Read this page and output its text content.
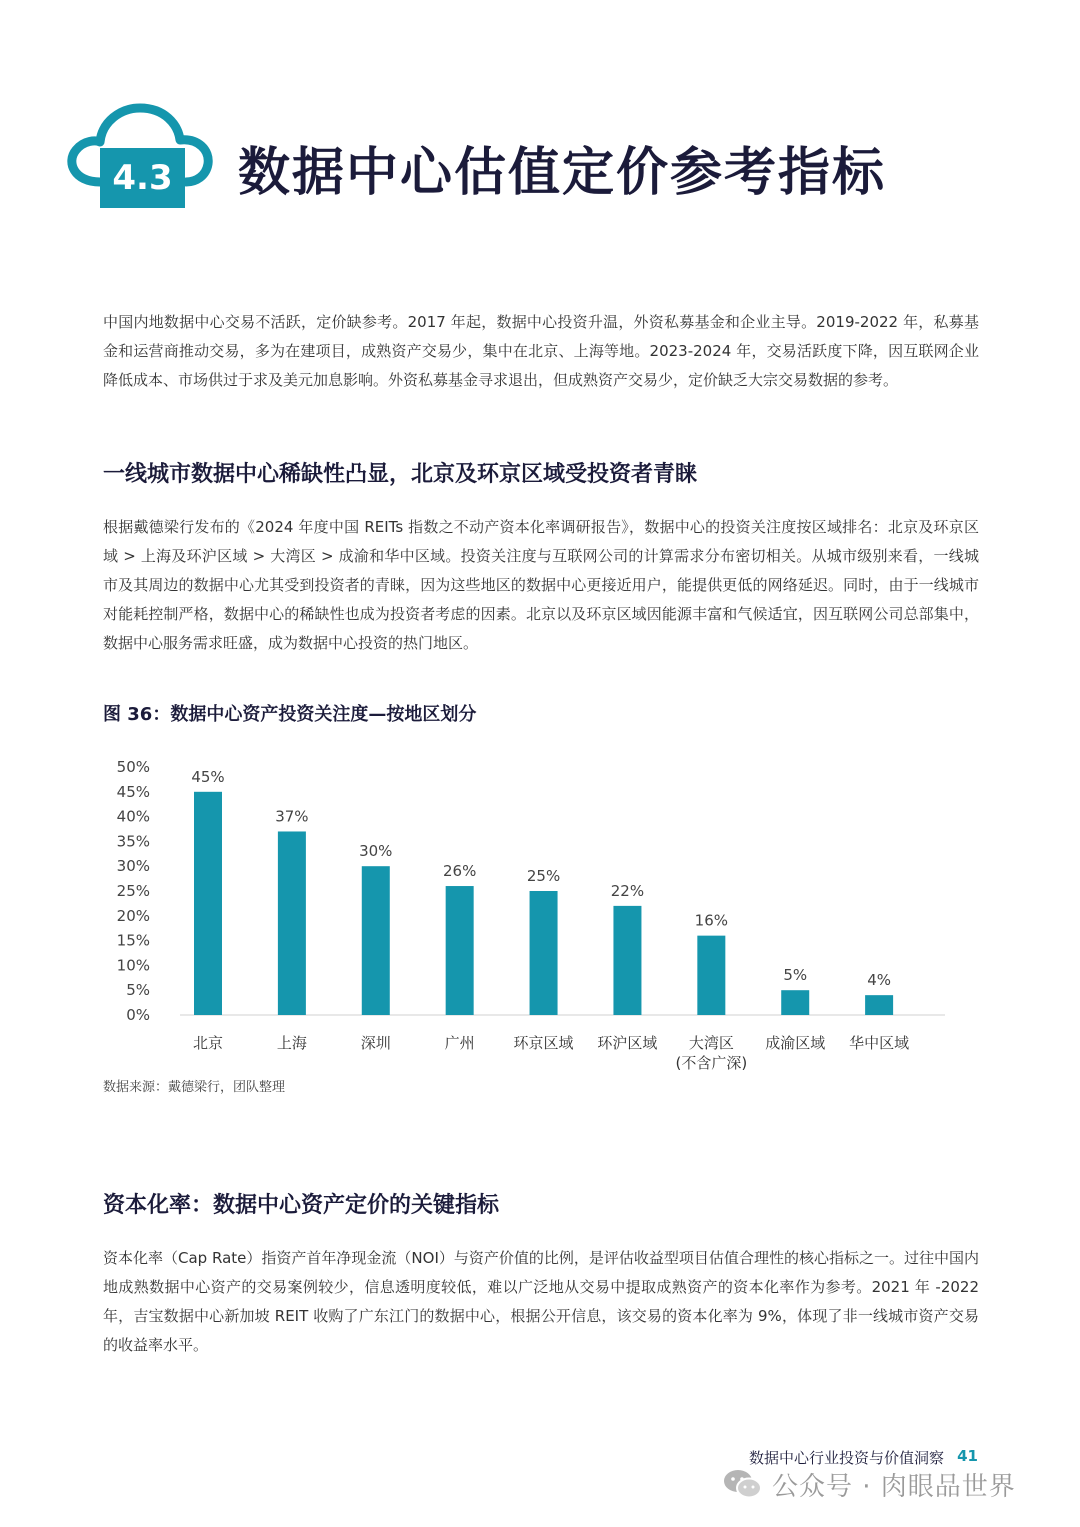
4.3 数据中心估值定价参考指标

中国内地数据中心交易不活跃，定价缺参考。2017 年起，数据中心投资升温，外资私募基金和企业主导。2019-2022 年，私募基金和运营商推动交易，多为在建项目，成熟资产交易少，集中在北京、上海等地。2023-2024 年，交易活跃度下降，因互联网企业降低成本、市场供过于求及美元加息影响。外资私募基金寻求退出，但成熟资产交易少，定价缺乏大宗交易数据的参考。

一线城市数据中心稀缺性凸显，北京及环京区域受投资者青睐

根据戴德梁行发布的《2024 年度中国 REITs 指数之不动产资本化率调研报告》，数据中心的投资关注度按区域排名：北京及环京区域 > 上海及环沪区域 > 大湾区 > 成渝和华中区域。投资关注度与互联网公司的计算需求分布密切相关。从城市级别来看，一线城市及其周边的数据中心尤其受到投资者的青睐，因为这些地区的数据中心更接近用户，能提供更低的网络延迟。同时，由于一线城市对能耗控制严格，数据中心的稀缺性也成为投资者考虑的因素。北京以及环京区域因能源丰富和气候适宜，因互联网公司总部集中，数据中心服务需求旺盛，成为数据中心投资的热门地区。

图 36：数据中心资产投资关注度—按地区划分
0%
5%
10%
15%
20%
25%
30%
35%
40%
45%
50%
45%
北京
37%
上海
30%
深圳
26%
广州
25%
环京区域
22%
环沪区域
16%
大湾区
(不含广深)
5%
成渝区域
4%
华中区域
数据来源：戴德梁行，团队整理
资本化率：数据中心资产定价的关键指标

资本化率（Cap Rate）指资产首年净现金流（NOI）与资产价值的比例，是评估收益型项目估值合理性的核心指标之一。过往中国内地成熟数据中心资产的交易案例较少，信息透明度较低，难以广泛地从交易中提取成熟资产的资本化率作为参考。2021 年 -2022 年，吉宝数据中心新加坡 REIT 收购了广东江门的数据中心，根据公开信息，该交易的资本化率为 9%，体现了非一线城市资产交易的收益率水平。

数据中心行业投资与价值洞察 41
公众号 · 肉眼品世界
